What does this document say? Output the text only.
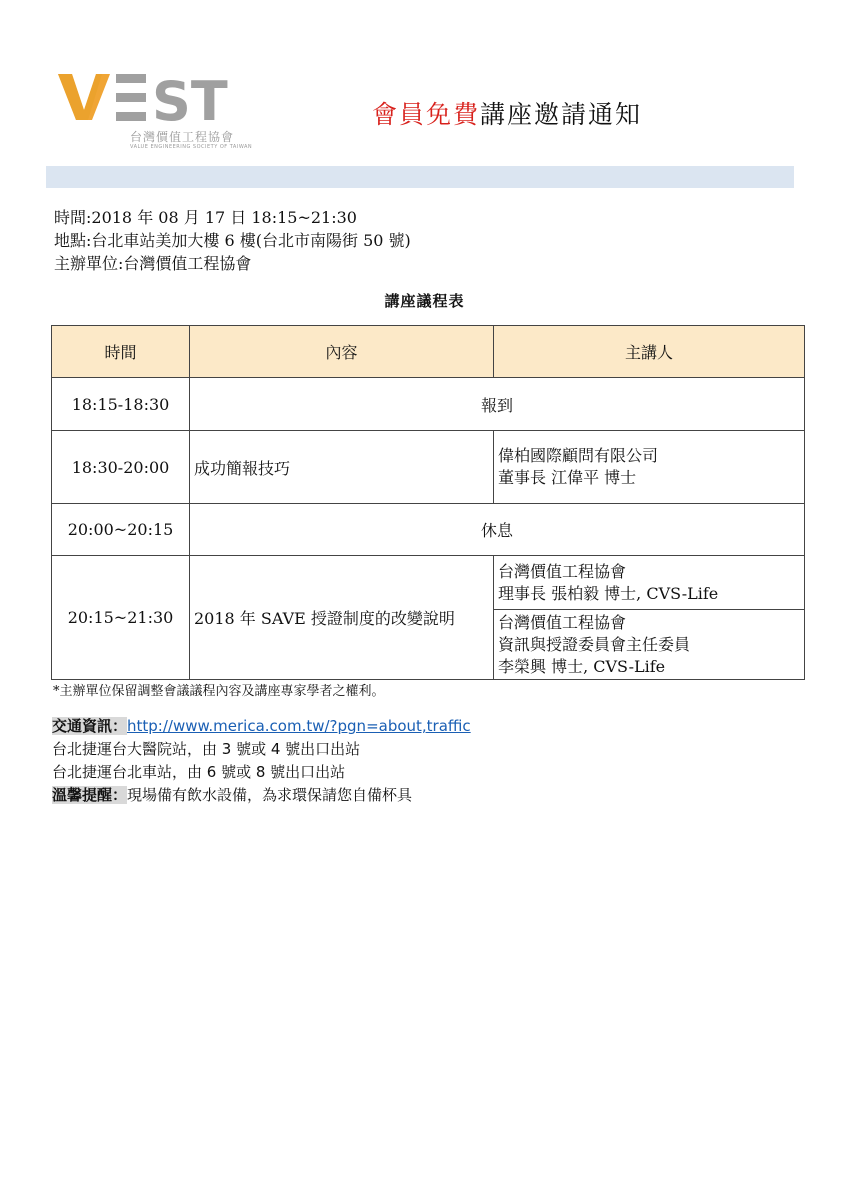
ST
台灣價值工程協會
VALUE ENGINEERING SOCIETY OF TAIWAN
會員免費講座邀請通知
時間:2018 年 08 月 17 日 18:15~21:30
地點:台北車站美加大樓 6 樓(台北市南陽街 50 號)
主辦單位:台灣價值工程協會
講座議程表
時間	內容	主講人
18:15-18:30	報到	
18:30-20:00	成功簡報技巧	偉柏國際顧問有限公司
董事長 江偉平 博士

20:00~20:15	休息	
20:15~21:30	2018 年 SAVE 授證制度的改變說明	台灣價值工程協會
理事長 張柏毅 博士, CVS-Life

		台灣價值工程協會
資訊與授證委員會主任委員
李榮興 博士, CVS-Life
*主辦單位保留調整會議議程內容及講座專家學者之權利。
交通資訊：http://www.merica.com.tw/?pgn=about,traffic
台北捷運台大醫院站，由 3 號或 4 號出口出站
台北捷運台北車站，由 6 號或 8 號出口出站
溫馨提醒：現場備有飲水設備，為求環保請您自備杯具
